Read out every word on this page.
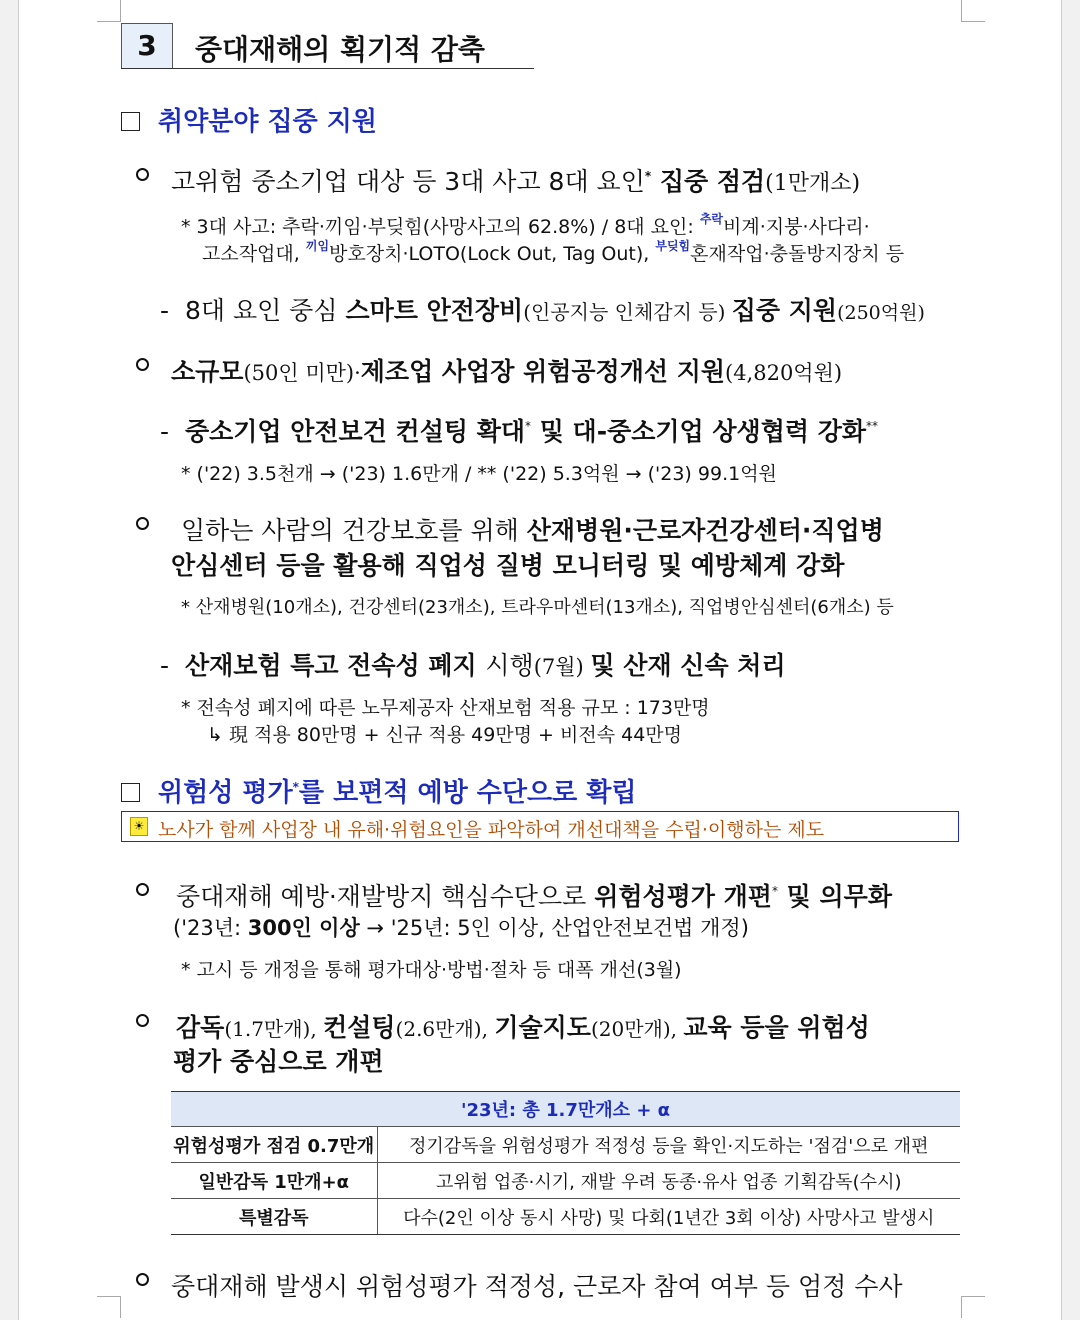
3	중대재해의 획기적 감축
취약분야 집중 지원
고위험 중소기업 대상 등 3대 사고 8대 요인* 집중 점검(1만개소)
* 3대 사고: 추락·끼임·부딪힘(사망사고의 62.8%) / 8대 요인: $^{추락}$비계·지붕·사다리·
고소작업대, $^{끼임}$방호장치·LOTO(Lock Out, Tag Out), $^{부딪힘}$혼재작업·충돌방지장치 등
- 8대 요인 중심 스마트 안전장비(인공지능 인체감지 등) 집중 지원(250억원)
소규모(50인 미만)·제조업 사업장 위험공정개선 지원(4,820억원)
- 중소기업 안전보건 컨설팅 확대* 및 대-중소기업 상생협력 강화**
* ('22) 3.5천개 → ('23) 1.6만개 / ** ('22) 5.3억원 → ('23) 99.1억원
일하는 사람의 건강보호를 위해 산재병원·근로자건강센터·직업병
안심센터 등을 활용해 직업성 질병 모니터링 및 예방체계 강화
* 산재병원(10개소), 건강센터(23개소), 트라우마센터(13개소), 직업병안심센터(6개소) 등
- 산재보험 특고 전속성 폐지 시행(7월) 및 산재 신속 처리
* 전속성 폐지에 따른 노무제공자 산재보험 적용 규모 : 173만명
↳ 現 적용 80만명 + 신규 적용 49만명 + 비전속 44만명
위험성 평가*를 보편적 예방 수단으로 확립
☀ 노사가 함께 사업장 내 유해·위험요인을 파악하여 개선대책을 수립·이행하는 제도
중대재해 예방·재발방지 핵심수단으로 위험성평가 개편* 및 의무화
('23년: 300인 이상 → '25년: 5인 이상, 산업안전보건법 개정)
* 고시 등 개정을 통해 평가대상·방법·절차 등 대폭 개선(3월)
감독(1.7만개), 컨설팅(2.6만개), 기술지도(20만개), 교육 등을 위험성
평가 중심으로 개편
'23년: 총 1.7만개소 + α	
위험성평가 점검 0.7만개	정기감독을 위험성평가 적정성 등을 확인·지도하는 '점검'으로 개편
일반감독 1만개+α	고위험 업종·시기, 재발 우려 동종·유사 업종 기획감독(수시)
특별감독	다수(2인 이상 동시 사망) 및 다회(1년간 3회 이상) 사망사고 발생시
중대재해 발생시 위험성평가 적정성, 근로자 참여 여부 등 엄정 수사
